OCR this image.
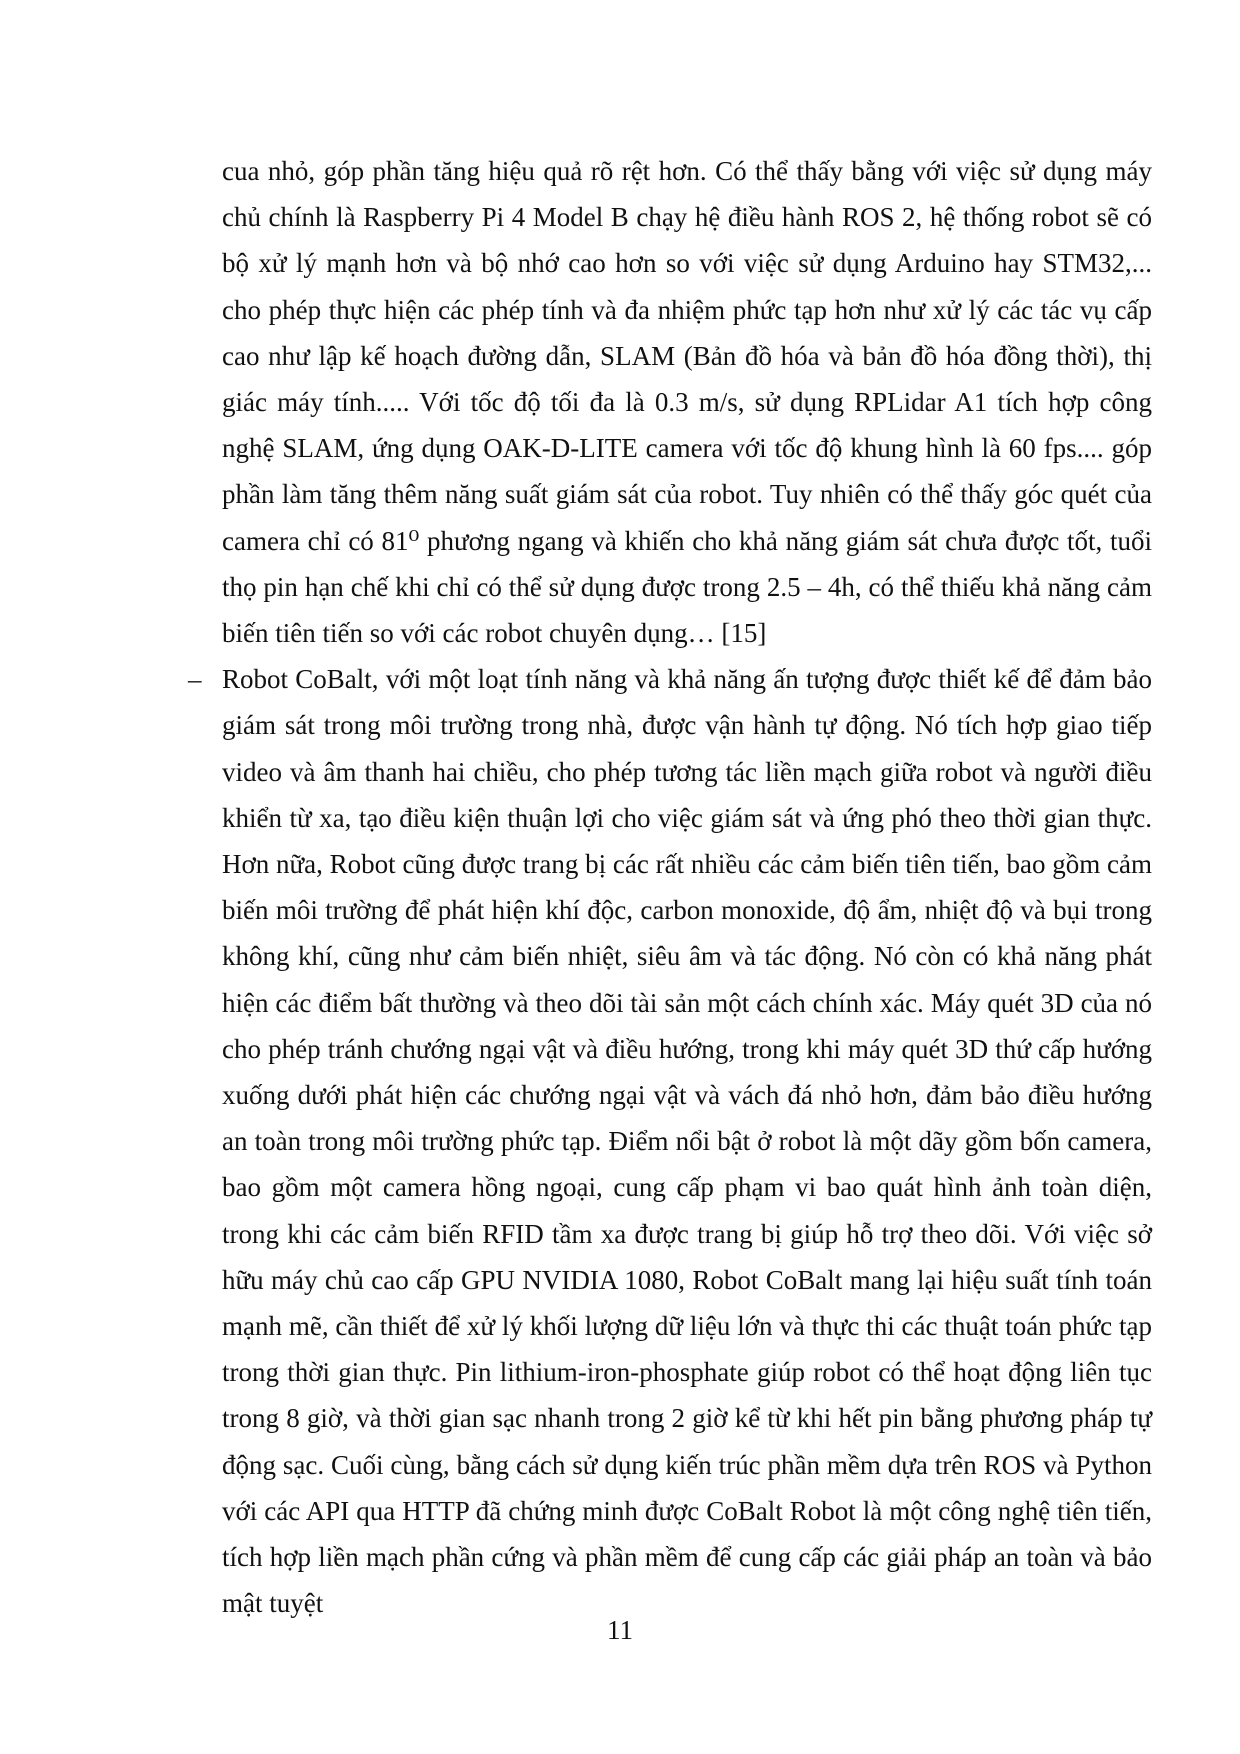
cua nhỏ, góp phần tăng hiệu quả rõ rệt hơn. Có thể thấy bằng với việc sử dụng máy chủ chính là Raspberry Pi 4 Model B chạy hệ điều hành ROS 2, hệ thống robot sẽ có bộ xử lý mạnh hơn và bộ nhớ cao hơn so với việc sử dụng Arduino hay STM32,... cho phép thực hiện các phép tính và đa nhiệm phức tạp hơn như xử lý các tác vụ cấp cao như lập kế hoạch đường dẫn, SLAM (Bản đồ hóa và bản đồ hóa đồng thời), thị giác máy tính..... Với tốc độ tối đa là 0.3 m/s, sử dụng RPLidar A1 tích hợp công nghệ SLAM, ứng dụng OAK-D-LITE camera với tốc độ khung hình là 60 fps.... góp phần làm tăng thêm năng suất giám sát của robot. Tuy nhiên có thể thấy góc quét của camera chỉ có 81⁰ phương ngang và khiến cho khả năng giám sát chưa được tốt, tuổi thọ pin hạn chế khi chỉ có thể sử dụng được trong 2.5 – 4h, có thể thiếu khả năng cảm biến tiên tiến so với các robot chuyên dụng… [15]

– Robot CoBalt, với một loạt tính năng và khả năng ấn tượng được thiết kế để đảm bảo giám sát trong môi trường trong nhà, được vận hành tự động. Nó tích hợp giao tiếp video và âm thanh hai chiều, cho phép tương tác liền mạch giữa robot và người điều khiển từ xa, tạo điều kiện thuận lợi cho việc giám sát và ứng phó theo thời gian thực. Hơn nữa, Robot cũng được trang bị các rất nhiều các cảm biến tiên tiến, bao gồm cảm biến môi trường để phát hiện khí độc, carbon monoxide, độ ẩm, nhiệt độ và bụi trong không khí, cũng như cảm biến nhiệt, siêu âm và tác động. Nó còn có khả năng phát hiện các điểm bất thường và theo dõi tài sản một cách chính xác. Máy quét 3D của nó cho phép tránh chướng ngại vật và điều hướng, trong khi máy quét 3D thứ cấp hướng xuống dưới phát hiện các chướng ngại vật và vách đá nhỏ hơn, đảm bảo điều hướng an toàn trong môi trường phức tạp. Điểm nổi bật ở robot là một dãy gồm bốn camera, bao gồm một camera hồng ngoại, cung cấp phạm vi bao quát hình ảnh toàn diện, trong khi các cảm biến RFID tầm xa được trang bị giúp hỗ trợ theo dõi. Với việc sở hữu máy chủ cao cấp GPU NVIDIA 1080, Robot CoBalt mang lại hiệu suất tính toán mạnh mẽ, cần thiết để xử lý khối lượng dữ liệu lớn và thực thi các thuật toán phức tạp trong thời gian thực. Pin lithium-iron-phosphate giúp robot có thể hoạt động liên tục trong 8 giờ, và thời gian sạc nhanh trong 2 giờ kể từ khi hết pin bằng phương pháp tự động sạc. Cuối cùng, bằng cách sử dụng kiến trúc phần mềm dựa trên ROS và Python với các API qua HTTP đã chứng minh được CoBalt Robot là một công nghệ tiên tiến, tích hợp liền mạch phần cứng và phần mềm để cung cấp các giải pháp an toàn và bảo mật tuyệt

11
